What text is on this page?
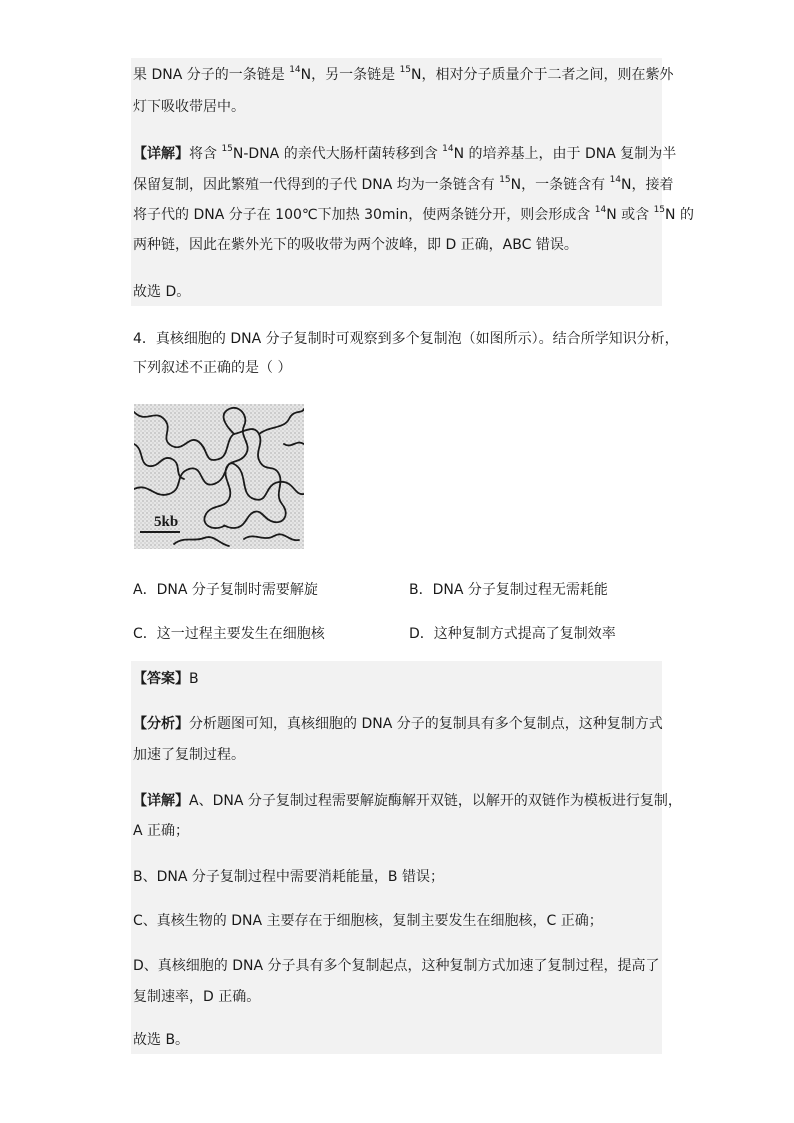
果 DNA 分子的一条链是 $^{14}$N，另一条链是 $^{15}$N，相对分子质量介于二者之间，则在紫外
灯下吸收带居中。
【详解】将含 $^{15}$N-DNA 的亲代大肠杆菌转移到含 $^{14}$N 的培养基上，由于 DNA 复制为半
保留复制，因此繁殖一代得到的子代 DNA 均为一条链含有 $^{15}$N，一条链含有 $^{14}$N，接着
将子代的 DNA 分子在 100℃下加热 30min，使两条链分开，则会形成含 $^{14}$N 或含 $^{15}$N 的
两种链，因此在紫外光下的吸收带为两个波峰，即 D 正确，ABC 错误。
故选 D。
4．真核细胞的 DNA 分子复制时可观察到多个复制泡（如图所示）。结合所学知识分析，
下列叙述不正确的是（ ）
5kb
A．DNA 分子复制时需要解旋	B．DNA 分子复制过程无需耗能
C．这一过程主要发生在细胞核	D．这种复制方式提高了复制效率
【答案】B
【分析】分析题图可知，真核细胞的 DNA 分子的复制具有多个复制点，这种复制方式
加速了复制过程。
【详解】A、DNA 分子复制过程需要解旋酶解开双链，以解开的双链作为模板进行复制，
A 正确；
B、DNA 分子复制过程中需要消耗能量，B 错误；
C、真核生物的 DNA 主要存在于细胞核，复制主要发生在细胞核，C 正确；
D、真核细胞的 DNA 分子具有多个复制起点，这种复制方式加速了复制过程，提高了
复制速率，D 正确。
故选 B。
